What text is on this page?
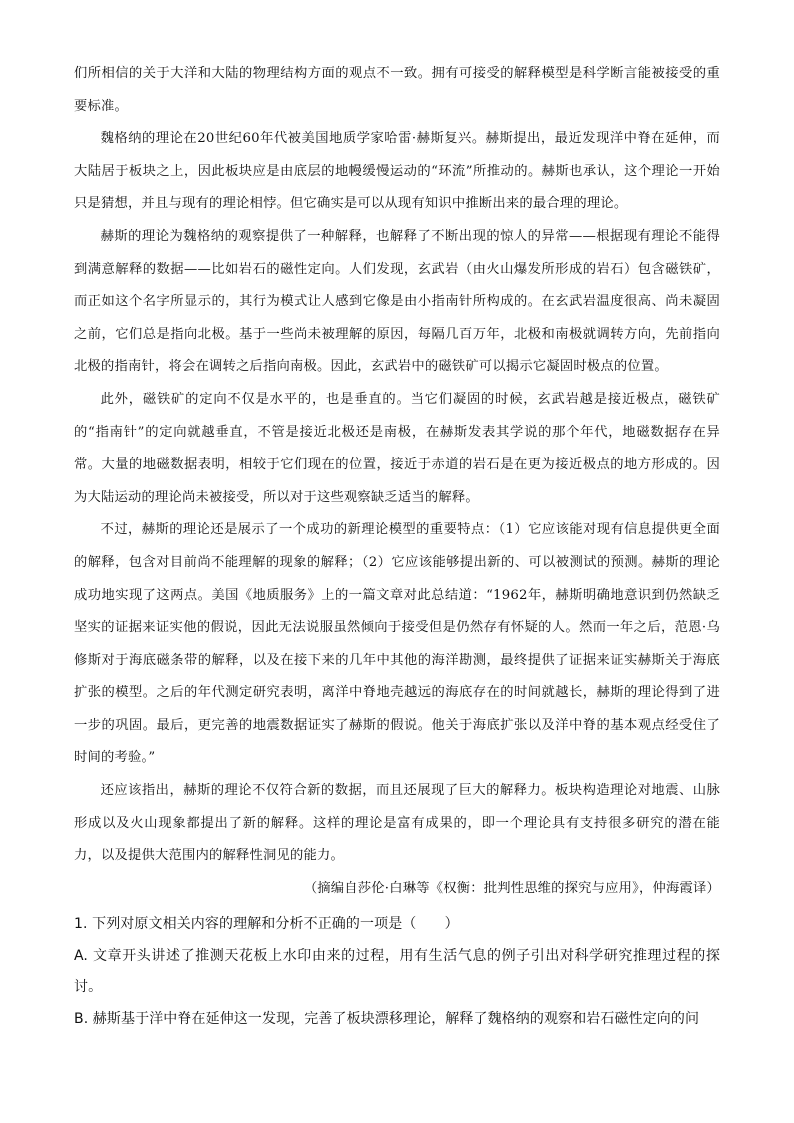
们所相信的关于大洋和大陆的物理结构方面的观点不一致。拥有可接受的解释模型是科学断言能被接受的重要标准。

魏格纳的理论在20世纪60年代被美国地质学家哈雷·赫斯复兴。赫斯提出，最近发现洋中脊在延伸，而大陆居于板块之上，因此板块应是由底层的地幔缓慢运动的“环流”所推动的。赫斯也承认，这个理论一开始只是猜想，并且与现有的理论相悖。但它确实是可以从现有知识中推断出来的最合理的理论。

赫斯的理论为魏格纳的观察提供了一种解释，也解释了不断出现的惊人的异常——根据现有理论不能得到满意解释的数据——比如岩石的磁性定向。人们发现，玄武岩（由火山爆发所形成的岩石）包含磁铁矿，而正如这个名字所显示的，其行为模式让人感到它像是由小指南针所构成的。在玄武岩温度很高、尚未凝固之前，它们总是指向北极。基于一些尚未被理解的原因，每隔几百万年，北极和南极就调转方向，先前指向北极的指南针，将会在调转之后指向南极。因此，玄武岩中的磁铁矿可以揭示它凝固时极点的位置。

此外，磁铁矿的定向不仅是水平的，也是垂直的。当它们凝固的时候，玄武岩越是接近极点，磁铁矿的“指南针”的定向就越垂直，不管是接近北极还是南极，在赫斯发表其学说的那个年代，地磁数据存在异常。大量的地磁数据表明，相较于它们现在的位置，接近于赤道的岩石是在更为接近极点的地方形成的。因为大陆运动的理论尚未被接受，所以对于这些观察缺乏适当的解释。

不过，赫斯的理论还是展示了一个成功的新理论模型的重要特点：（1）它应该能对现有信息提供更全面的解释，包含对目前尚不能理解的现象的解释；（2）它应该能够提出新的、可以被测试的预测。赫斯的理论成功地实现了这两点。美国《地质服务》上的一篇文章对此总结道：“1962年，赫斯明确地意识到仍然缺乏坚实的证据来证实他的假说，因此无法说服虽然倾向于接受但是仍然存有怀疑的人。然而一年之后，范恩·乌修斯对于海底磁条带的解释，以及在接下来的几年中其他的海洋勘测，最终提供了证据来证实赫斯关于海底扩张的模型。之后的年代测定研究表明，离洋中脊地壳越远的海底存在的时间就越长，赫斯的理论得到了进一步的巩固。最后，更完善的地震数据证实了赫斯的假说。他关于海底扩张以及洋中脊的基本观点经受住了时间的考验。”

还应该指出，赫斯的理论不仅符合新的数据，而且还展现了巨大的解释力。板块构造理论对地震、山脉形成以及火山现象都提出了新的解释。这样的理论是富有成果的，即一个理论具有支持很多研究的潜在能力，以及提供大范围内的解释性洞见的能力。

（摘编自莎伦·白琳等《权衡：批判性思维的探究与应用》，仲海霞译）

1. 下列对原文相关内容的理解和分析不正确的一项是（　　）

A. 文章开头讲述了推测天花板上水印由来的过程，用有生活气息的例子引出对科学研究推理过程的探讨。

B. 赫斯基于洋中脊在延伸这一发现，完善了板块漂移理论，解释了魏格纳的观察和岩石磁性定向的问
